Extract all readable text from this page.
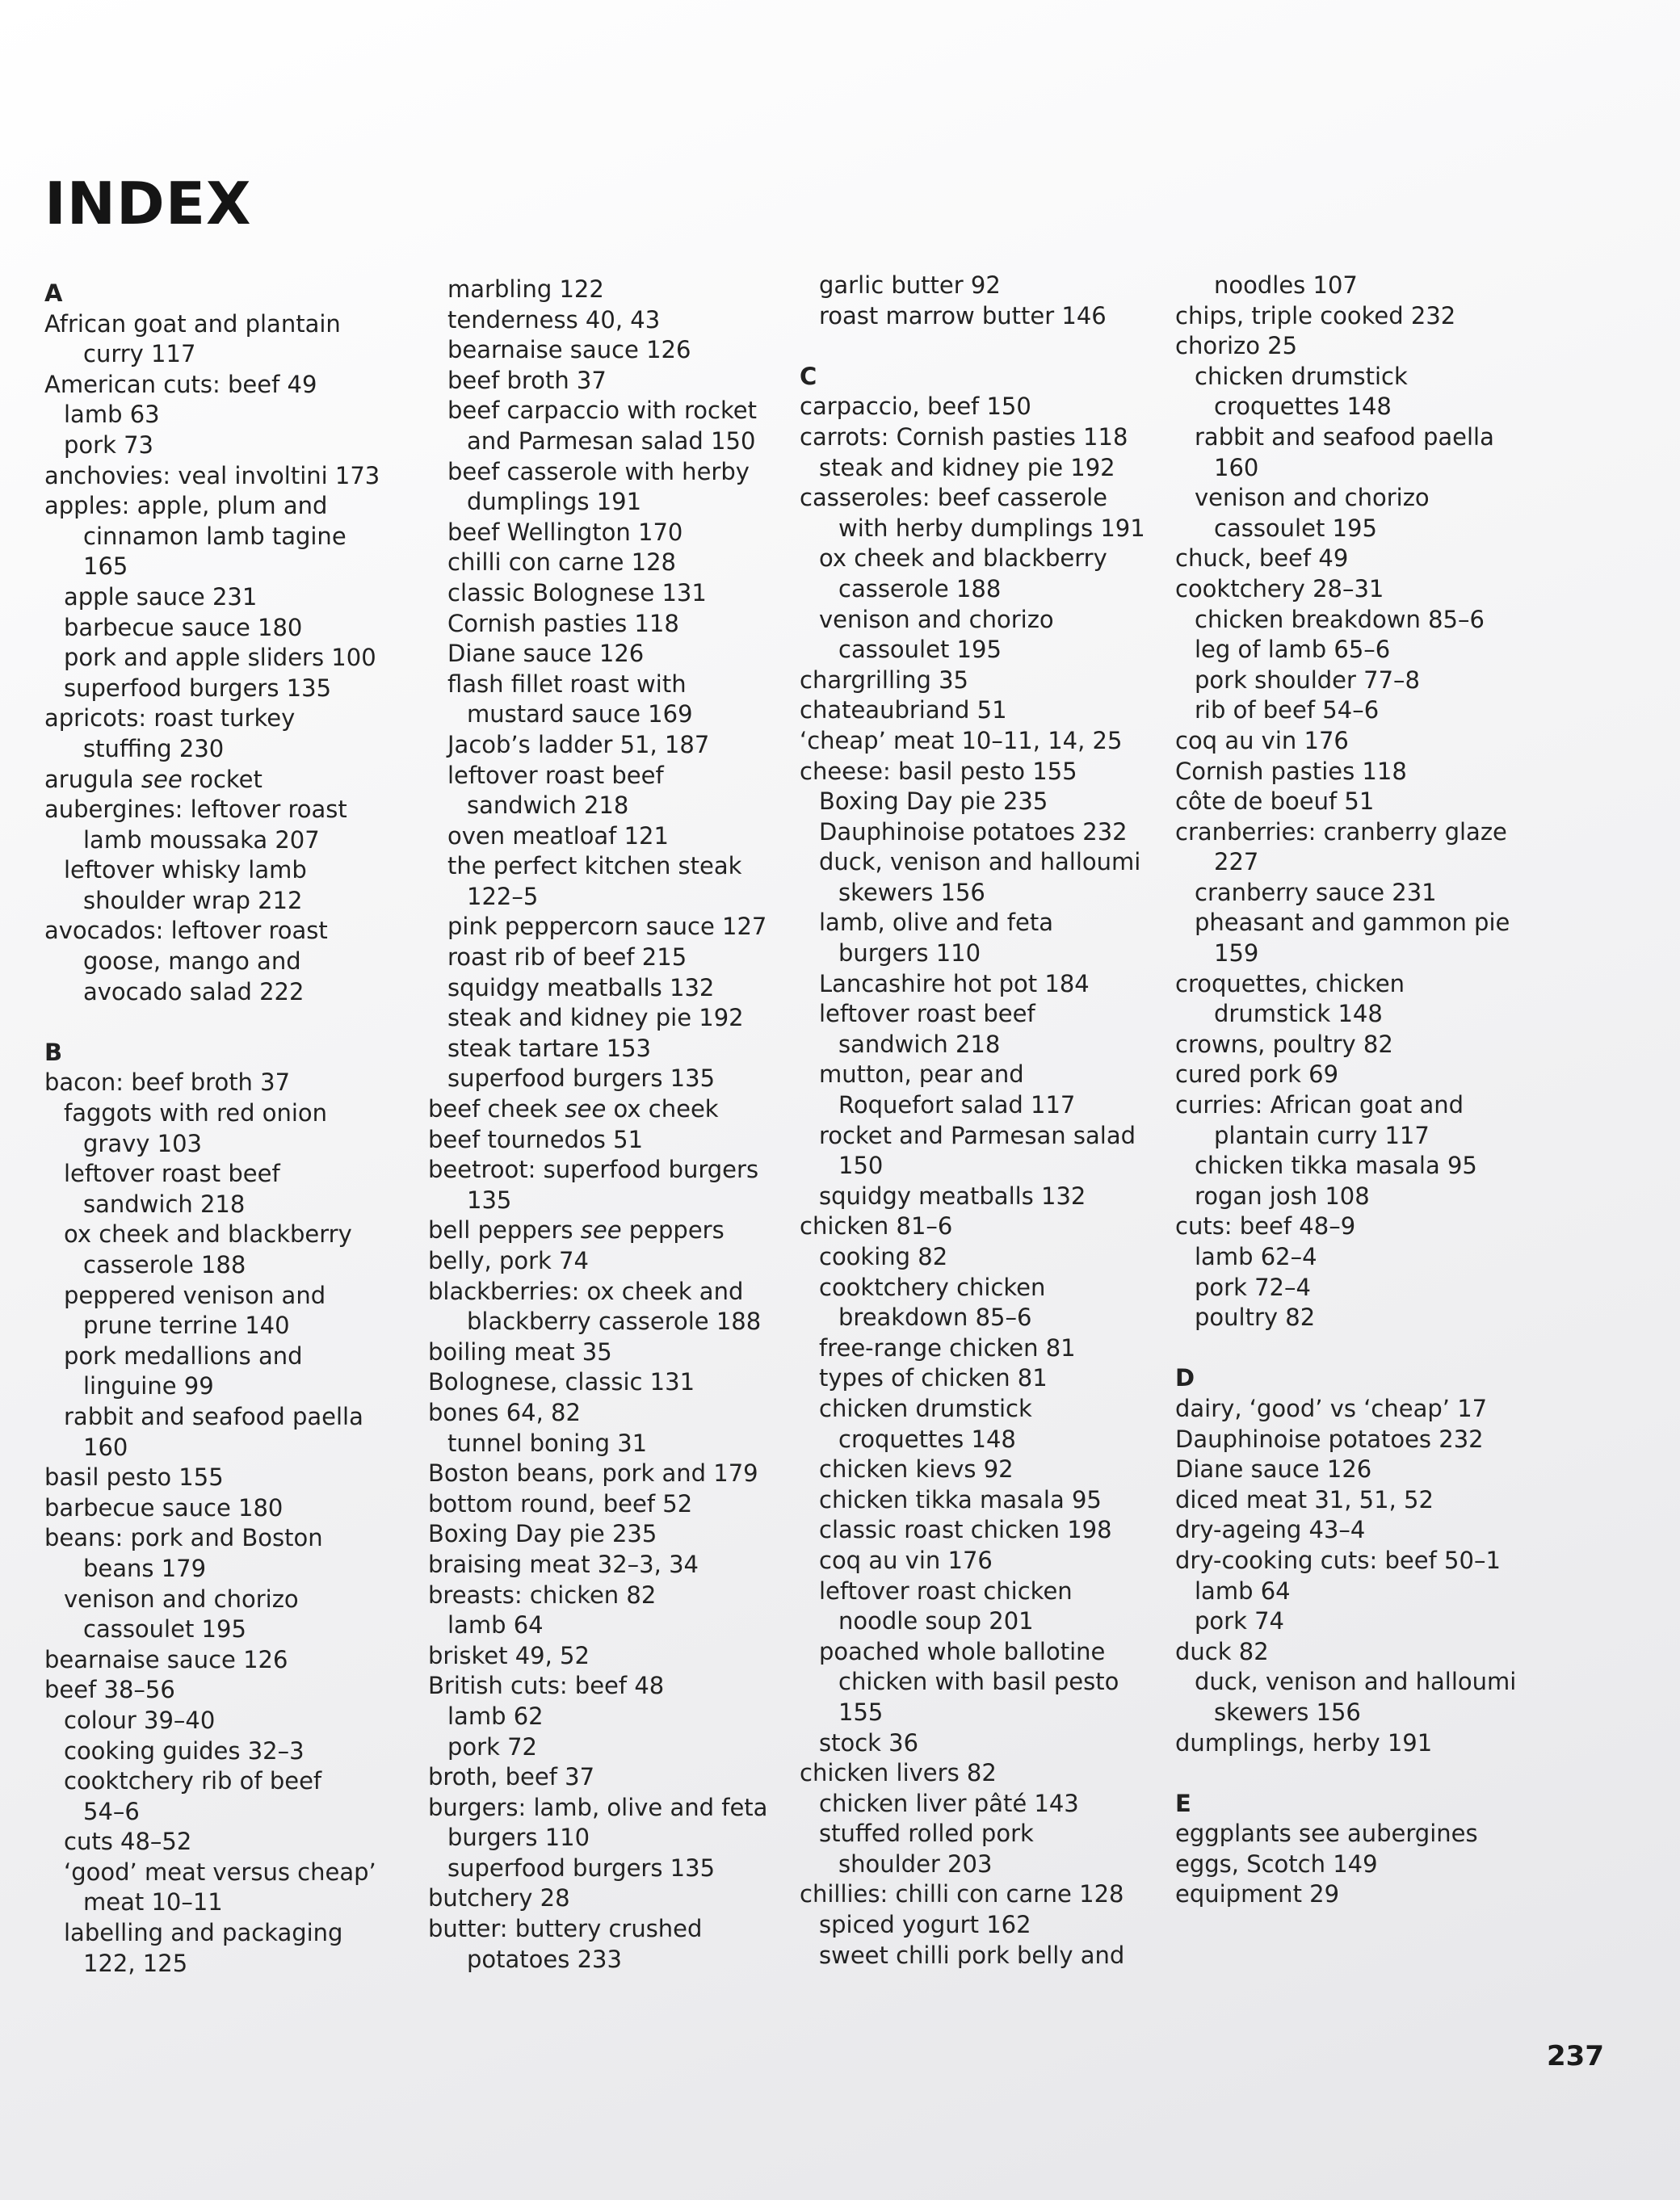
INDEX
A
African goat and plantain
curry 117
American cuts: beef 49
lamb 63
pork 73
anchovies: veal involtini 173
apples: apple, plum and
cinnamon lamb tagine
165
apple sauce 231
barbecue sauce 180
pork and apple sliders 100
superfood burgers 135
apricots: roast turkey
stuffing 230
arugula see rocket
aubergines: leftover roast
lamb moussaka 207
leftover whisky lamb
shoulder wrap 212
avocados: leftover roast
goose, mango and
avocado salad 222
B
bacon: beef broth 37
faggots with red onion
gravy 103
leftover roast beef
sandwich 218
ox cheek and blackberry
casserole 188
peppered venison and
prune terrine 140
pork medallions and
linguine 99
rabbit and seafood paella
160
basil pesto 155
barbecue sauce 180
beans: pork and Boston
beans 179
venison and chorizo
cassoulet 195
bearnaise sauce 126
beef 38–56
colour 39–40
cooking guides 32–3
cooktchery rib of beef
54–6
cuts 48–52
‘good’ meat versus cheap’
meat 10–11
labelling and packaging
122, 125
marbling 122
tenderness 40, 43
bearnaise sauce 126
beef broth 37
beef carpaccio with rocket
and Parmesan salad 150
beef casserole with herby
dumplings 191
beef Wellington 170
chilli con carne 128
classic Bolognese 131
Cornish pasties 118
Diane sauce 126
flash fillet roast with
mustard sauce 169
Jacob’s ladder 51, 187
leftover roast beef
sandwich 218
oven meatloaf 121
the perfect kitchen steak
122–5
pink peppercorn sauce 127
roast rib of beef 215
squidgy meatballs 132
steak and kidney pie 192
steak tartare 153
superfood burgers 135
beef cheek see ox cheek
beef tournedos 51
beetroot: superfood burgers
135
bell peppers see peppers
belly, pork 74
blackberries: ox cheek and
blackberry casserole 188
boiling meat 35
Bolognese, classic 131
bones 64, 82
tunnel boning 31
Boston beans, pork and 179
bottom round, beef 52
Boxing Day pie 235
braising meat 32–3, 34
breasts: chicken 82
lamb 64
brisket 49, 52
British cuts: beef 48
lamb 62
pork 72
broth, beef 37
burgers: lamb, olive and feta
burgers 110
superfood burgers 135
butchery 28
butter: buttery crushed
potatoes 233
garlic butter 92
roast marrow butter 146
C
carpaccio, beef 150
carrots: Cornish pasties 118
steak and kidney pie 192
casseroles: beef casserole
with herby dumplings 191
ox cheek and blackberry
casserole 188
venison and chorizo
cassoulet 195
chargrilling 35
chateaubriand 51
‘cheap’ meat 10–11, 14, 25
cheese: basil pesto 155
Boxing Day pie 235
Dauphinoise potatoes 232
duck, venison and halloumi
skewers 156
lamb, olive and feta
burgers 110
Lancashire hot pot 184
leftover roast beef
sandwich 218
mutton, pear and
Roquefort salad 117
rocket and Parmesan salad
150
squidgy meatballs 132
chicken 81–6
cooking 82
cooktchery chicken
breakdown 85–6
free-range chicken 81
types of chicken 81
chicken drumstick
croquettes 148
chicken kievs 92
chicken tikka masala 95
classic roast chicken 198
coq au vin 176
leftover roast chicken
noodle soup 201
poached whole ballotine
chicken with basil pesto
155
stock 36
chicken livers 82
chicken liver pâté 143
stuffed rolled pork
shoulder 203
chillies: chilli con carne 128
spiced yogurt 162
sweet chilli pork belly and
noodles 107
chips, triple cooked 232
chorizo 25
chicken drumstick
croquettes 148
rabbit and seafood paella
160
venison and chorizo
cassoulet 195
chuck, beef 49
cooktchery 28–31
chicken breakdown 85–6
leg of lamb 65–6
pork shoulder 77–8
rib of beef 54–6
coq au vin 176
Cornish pasties 118
côte de boeuf 51
cranberries: cranberry glaze
227
cranberry sauce 231
pheasant and gammon pie
159
croquettes, chicken
drumstick 148
crowns, poultry 82
cured pork 69
curries: African goat and
plantain curry 117
chicken tikka masala 95
rogan josh 108
cuts: beef 48–9
lamb 62–4
pork 72–4
poultry 82
D
dairy, ‘good’ vs ‘cheap’ 17
Dauphinoise potatoes 232
Diane sauce 126
diced meat 31, 51, 52
dry-ageing 43–4
dry-cooking cuts: beef 50–1
lamb 64
pork 74
duck 82
duck, venison and halloumi
skewers 156
dumplings, herby 191
E
eggplants see aubergines
eggs, Scotch 149
equipment 29
237
